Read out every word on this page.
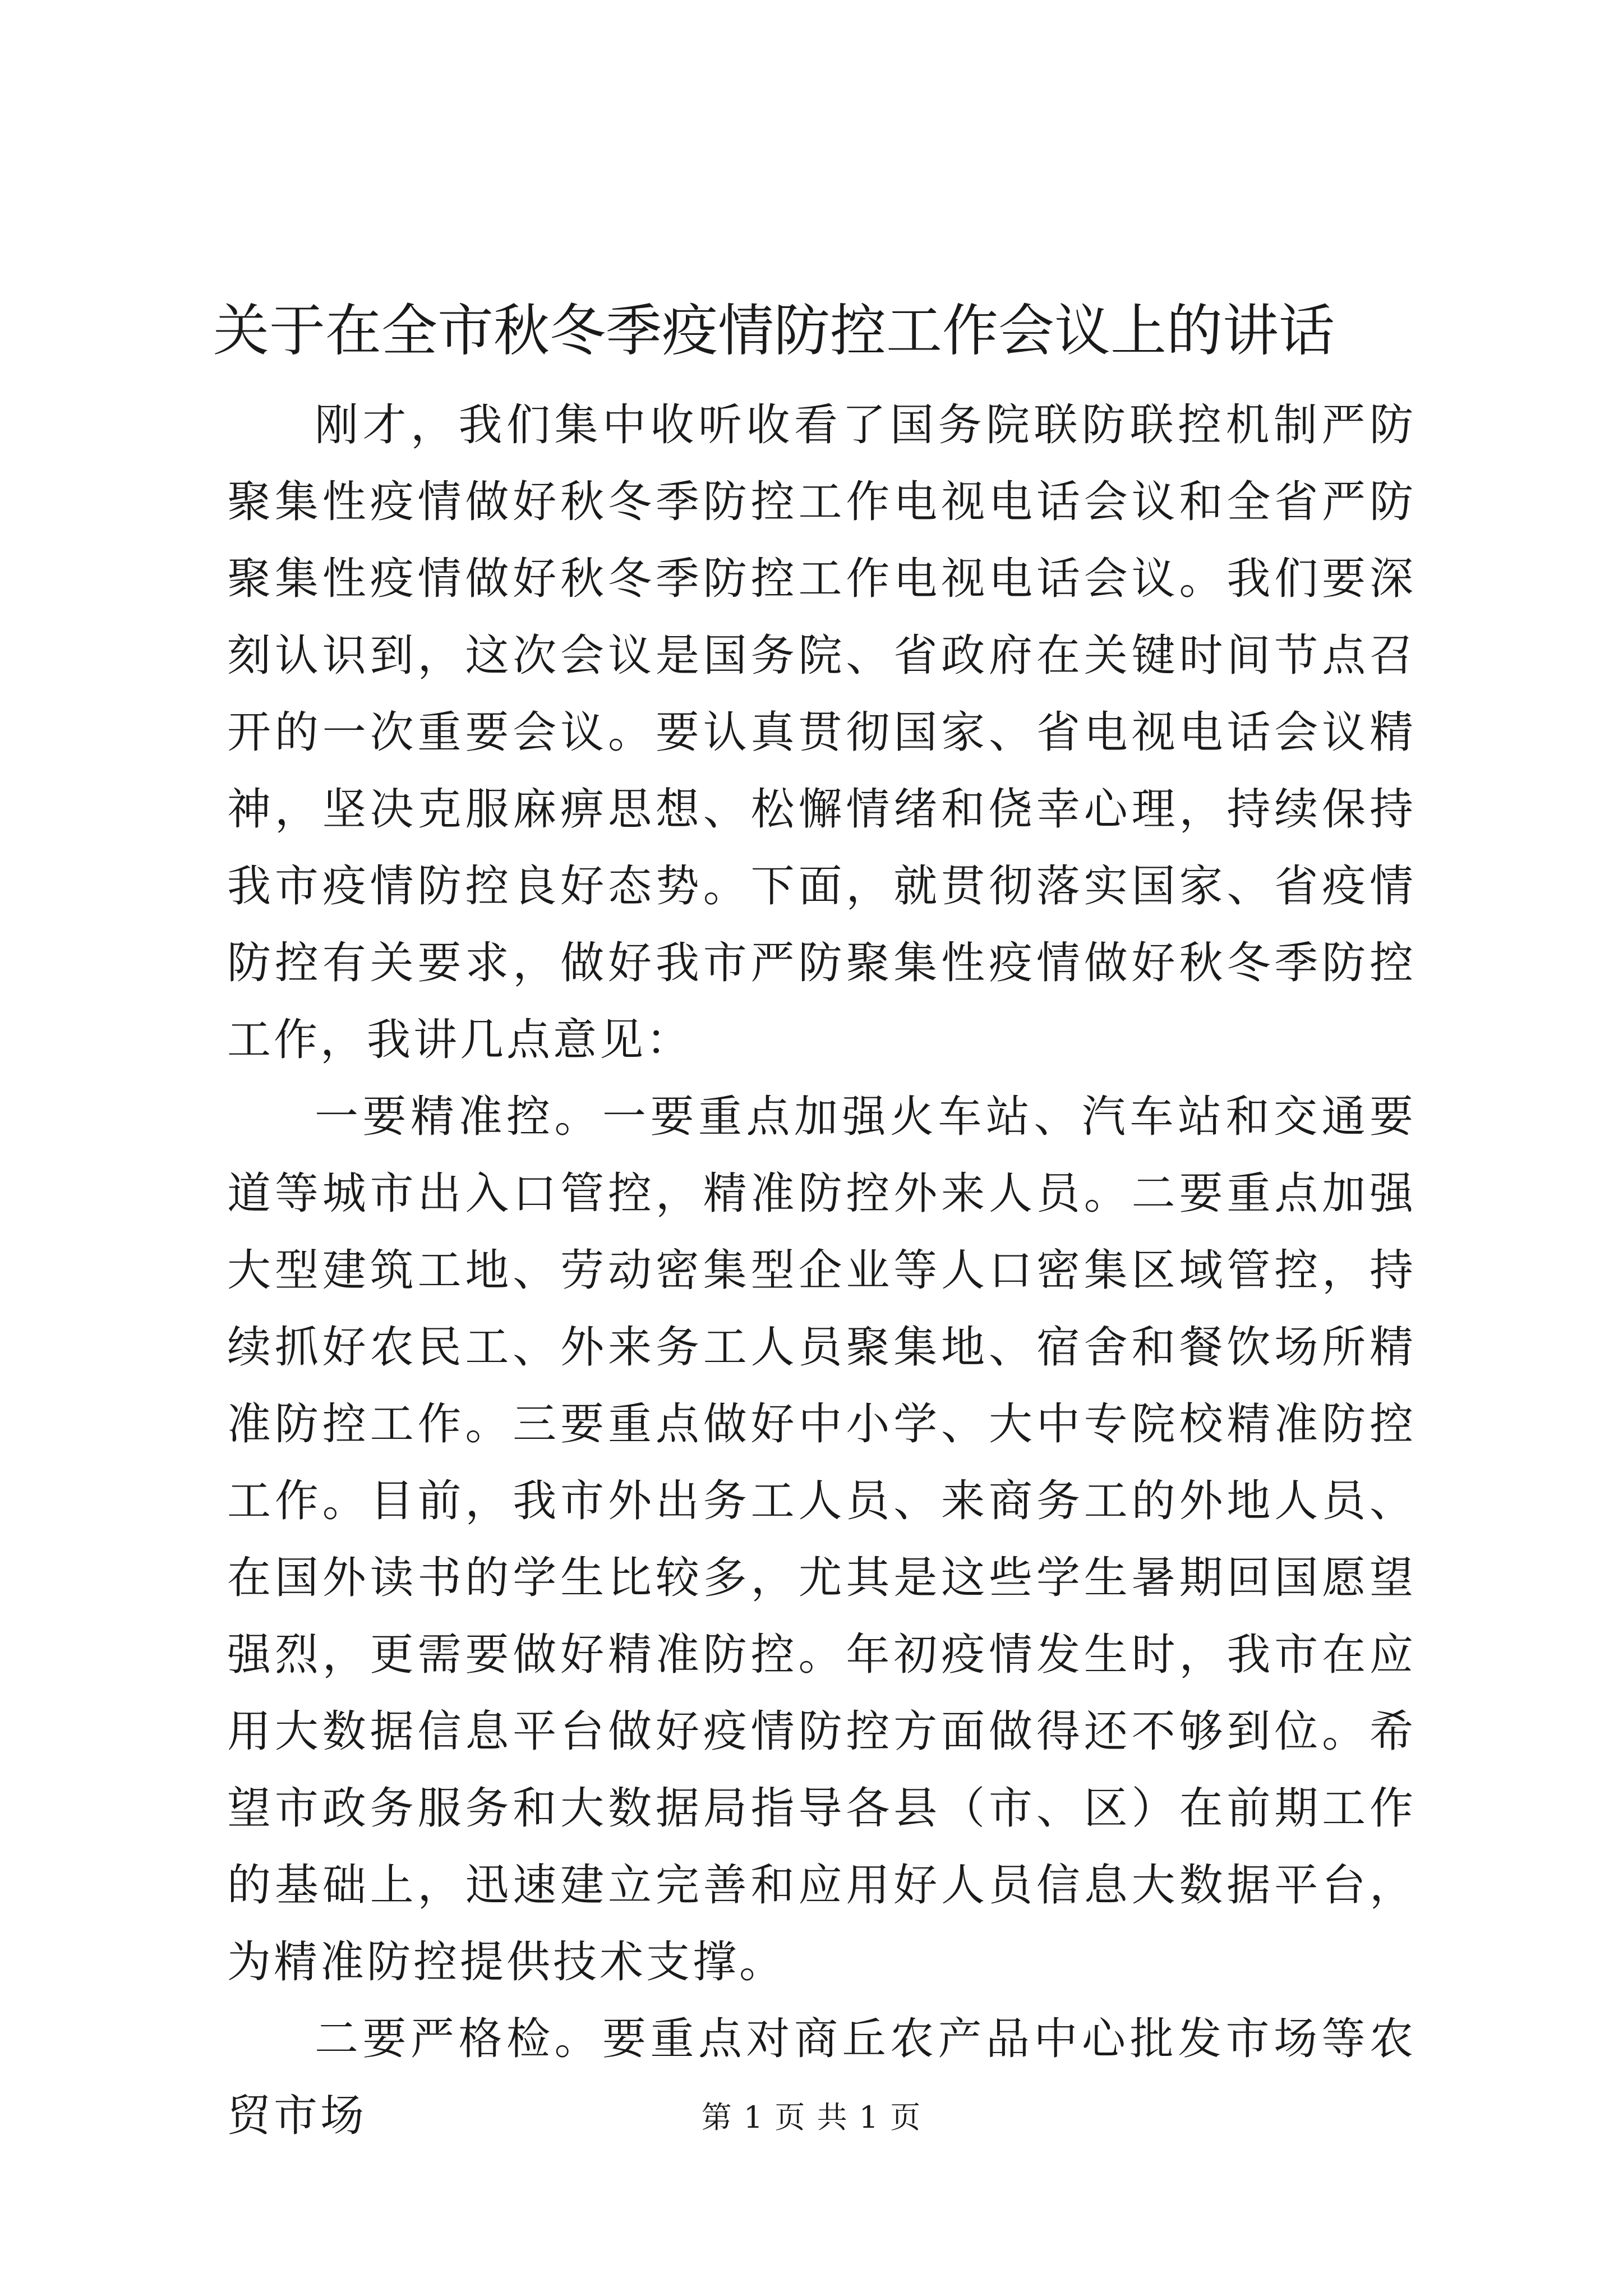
关于在全市秋冬季疫情防控工作会议上的讲话

刚才，我们集中收听收看了国务院联防联控机制严防聚集性疫情做好秋冬季防控工作电视电话会议和全省严防聚集性疫情做好秋冬季防控工作电视电话会议。我们要深刻认识到，这次会议是国务院、省政府在关键时间节点召开的一次重要会议。要认真贯彻国家、省电视电话会议精神，坚决克服麻痹思想、松懈情绪和侥幸心理，持续保持我市疫情防控良好态势。下面，就贯彻落实国家、省疫情防控有关要求，做好我市严防聚集性疫情做好秋冬季防控工作，我讲几点意见：

一要精准控。一要重点加强火车站、汽车站和交通要道等城市出入口管控，精准防控外来人员。二要重点加强大型建筑工地、劳动密集型企业等人口密集区域管控，持续抓好农民工、外来务工人员聚集地、宿舍和餐饮场所精准防控工作。三要重点做好中小学、大中专院校精准防控工作。目前，我市外出务工人员、来商务工的外地人员、在国外读书的学生比较多，尤其是这些学生暑期回国愿望强烈，更需要做好精准防控。年初疫情发生时，我市在应用大数据信息平台做好疫情防控方面做得还不够到位。希望市政务服务和大数据局指导各县（市、区）在前期工作的基础上，迅速建立完善和应用好人员信息大数据平台，为精准防控提供技术支撑。

二要严格检。要重点对商丘农产品中心批发市场等农贸市场	第 1 页 共 1 页
